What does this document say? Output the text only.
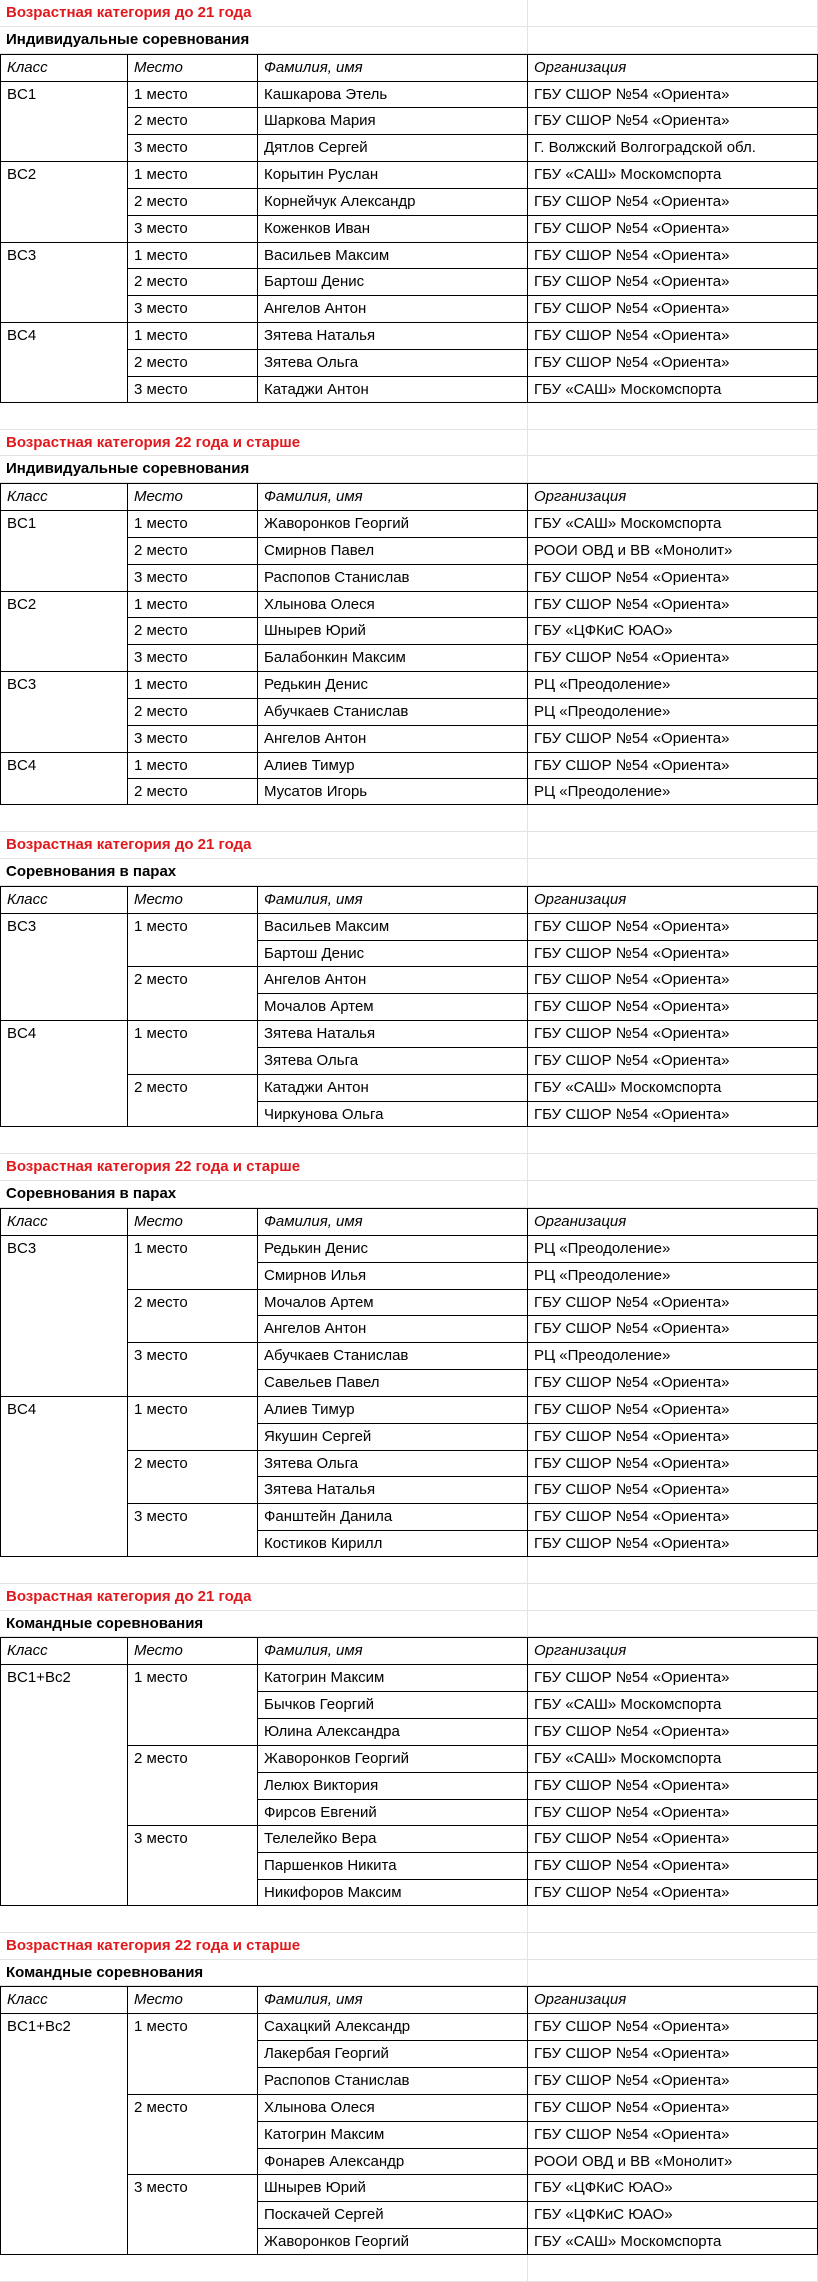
Возрастная категория до 21 года
Индивидуальные соревнования
Класс	Место	Фамилия, имя	Организация
BC1	1 место	Кашкарова Этель	ГБУ СШОР №54 «Ориента»
2 место	Шаркова Мария	ГБУ СШОР №54 «Ориента»
3 место	Дятлов Сергей	Г. Волжский Волгоградской обл.
BC2	1 место	Корытин Руслан	ГБУ «САШ» Москомспорта
2 место	Корнейчук Александр	ГБУ СШОР №54 «Ориента»
3 место	Коженков Иван	ГБУ СШОР №54 «Ориента»
BC3	1 место	Васильев Максим	ГБУ СШОР №54 «Ориента»
2 место	Бартош Денис	ГБУ СШОР №54 «Ориента»
3 место	Ангелов Антон	ГБУ СШОР №54 «Ориента»
BC4	1 место	Зятева Наталья	ГБУ СШОР №54 «Ориента»
2 место	Зятева Ольга	ГБУ СШОР №54 «Ориента»
3 место	Катаджи Антон	ГБУ «САШ» Москомспорта
Возрастная категория 22 года и старше
Индивидуальные соревнования
Класс	Место	Фамилия, имя	Организация
BC1	1 место	Жаворонков Георгий	ГБУ «САШ» Москомспорта
2 место	Смирнов Павел	РООИ ОВД и ВВ «Монолит»
3 место	Распопов Станислав	ГБУ СШОР №54 «Ориента»
BC2	1 место	Хлынова Олеся	ГБУ СШОР №54 «Ориента»
2 место	Шнырев Юрий	ГБУ «ЦФКиС ЮАО»
3 место	Балабонкин Максим	ГБУ СШОР №54 «Ориента»
BC3	1 место	Редькин Денис	РЦ «Преодоление»
2 место	Абучкаев Станислав	РЦ «Преодоление»
3 место	Ангелов Антон	ГБУ СШОР №54 «Ориента»
BC4	1 место	Алиев Тимур	ГБУ СШОР №54 «Ориента»
2 место	Мусатов Игорь	РЦ «Преодоление»
Возрастная категория до 21 года
Соревнования в парах
Класс	Место	Фамилия, имя	Организация
BC3	1 место	Васильев Максим	ГБУ СШОР №54 «Ориента»
Бартош Денис	ГБУ СШОР №54 «Ориента»
2 место	Ангелов Антон	ГБУ СШОР №54 «Ориента»
Мочалов Артем	ГБУ СШОР №54 «Ориента»
BC4	1 место	Зятева Наталья	ГБУ СШОР №54 «Ориента»
Зятева Ольга	ГБУ СШОР №54 «Ориента»
2 место	Катаджи Антон	ГБУ «САШ» Москомспорта
Чиркунова Ольга	ГБУ СШОР №54 «Ориента»
Возрастная категория 22 года и старше
Соревнования в парах
Класс	Место	Фамилия, имя	Организация
BC3	1 место	Редькин Денис	РЦ «Преодоление»
Смирнов Илья	РЦ «Преодоление»
2 место	Мочалов Артем	ГБУ СШОР №54 «Ориента»
Ангелов Антон	ГБУ СШОР №54 «Ориента»
3 место	Абучкаев Станислав	РЦ «Преодоление»
Савельев Павел	ГБУ СШОР №54 «Ориента»
BC4	1 место	Алиев Тимур	ГБУ СШОР №54 «Ориента»
Якушин Сергей	ГБУ СШОР №54 «Ориента»
2 место	Зятева Ольга	ГБУ СШОР №54 «Ориента»
Зятева Наталья	ГБУ СШОР №54 «Ориента»
3 место	Фанштейн Данила	ГБУ СШОР №54 «Ориента»
Костиков Кирилл	ГБУ СШОР №54 «Ориента»
Возрастная категория до 21 года
Командные соревнования
Класс	Место	Фамилия, имя	Организация
BC1+Bc2	1 место	Катогрин Максим	ГБУ СШОР №54 «Ориента»
Бычков Георгий	ГБУ «САШ» Москомспорта
Юлина Александра	ГБУ СШОР №54 «Ориента»
2 место	Жаворонков Георгий	ГБУ «САШ» Москомспорта
Лелюх Виктория	ГБУ СШОР №54 «Ориента»
Фирсов Евгений	ГБУ СШОР №54 «Ориента»
3 место	Телелейко Вера	ГБУ СШОР №54 «Ориента»
Паршенков Никита	ГБУ СШОР №54 «Ориента»
Никифоров Максим	ГБУ СШОР №54 «Ориента»
Возрастная категория 22 года и старше
Командные соревнования
Класс	Место	Фамилия, имя	Организация
BC1+Bc2	1 место	Сахацкий Александр	ГБУ СШОР №54 «Ориента»
Лакербая Георгий	ГБУ СШОР №54 «Ориента»
Распопов Станислав	ГБУ СШОР №54 «Ориента»
2 место	Хлынова Олеся	ГБУ СШОР №54 «Ориента»
Катогрин Максим	ГБУ СШОР №54 «Ориента»
Фонарев Александр	РООИ ОВД и ВВ «Монолит»
3 место	Шнырев Юрий	ГБУ «ЦФКиС ЮАО»
Поскачей Сергей	ГБУ «ЦФКиС ЮАО»
Жаворонков Георгий	ГБУ «САШ» Москомспорта
